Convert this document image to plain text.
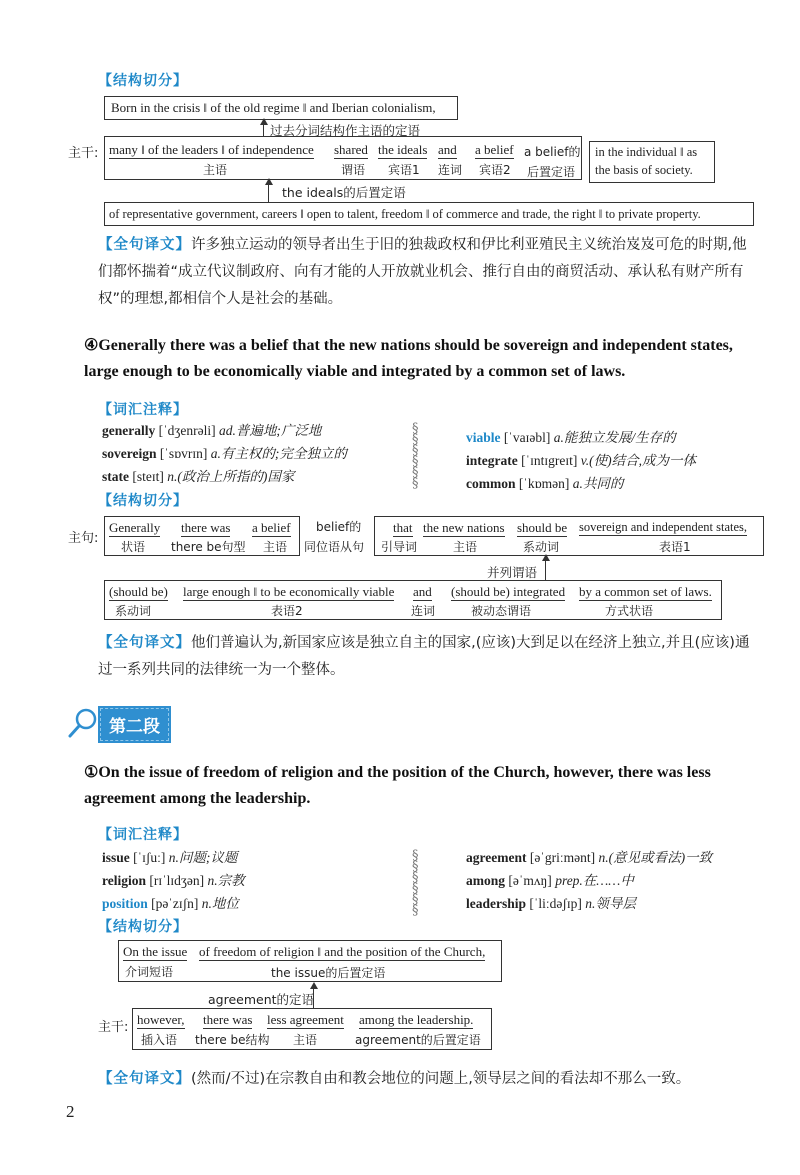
【结构切分】
Born in the crisis ‖ of the old regime ‖ and Iberian colonialism,
过去分词结构作主语的定语
主干: many ‖ of the leaders ‖ of independence
主语
shared
谓语
the ideals
宾语1
and
连词
a belief
宾语2
a belief的
后置定语
in the individual ‖ as
the basis of society.
the ideals的后置定语
of representative government, careers ‖ open to talent, freedom ‖ of commerce and trade, the right ‖ to private property.
【全句译文】许多独立运动的领导者出生于旧的独裁政权和伊比利亚殖民主义统治岌岌可危的时期,他们都怀揣着“成立代议制政府、向有才能的人开放就业机会、推行自由的商贸活动、承认私有财产所有权”的理想,都相信个人是社会的基础。
④Generally there was a belief that the new nations should be sovereign and independent states, large enough to be economically viable and integrated by a common set of laws.
【词汇注释】
generally [ˈdʒenrəli] ad.普遍地;广泛地
sovereign [ˈsɒvrɪn] a.有主权的;完全独立的
state [steɪt] n.(政治上所指的)国家
§
§
§
§
§
§
viable [ˈvaɪəbl] a.能独立发展/生存的
integrate [ˈɪntɪgreɪt] v.(使)结合,成为一体
common [ˈkɒmən] a.共同的
【结构切分】
主句:
Generally
状语
there was
there be句型
a belief
主语
belief的
同位语从句
that
引导词
the new nations
主语
should be
系动词
sovereign and independent states,
表语1
并列谓语
(should be)
系动词
large enough ‖ to be economically viable
表语2
and
连词
(should be) integrated
被动态谓语
by a common set of laws.
方式状语
【全句译文】他们普遍认为,新国家应该是独立自主的国家,(应该)大到足以在经济上独立,并且(应该)通过一系列共同的法律统一为一个整体。
第二段
①On the issue of freedom of religion and the position of the Church, however, there was less agreement among the leadership.
【词汇注释】
issue [ˈɪʃuː] n.问题;议题
religion [rɪˈlɪdʒən] n.宗教
position [pəˈzɪʃn] n.地位
§
§
§
§
§
§
agreement [əˈgriːmənt] n.(意见或看法)一致
among [əˈmʌŋ] prep.在……中
leadership [ˈliːdəʃɪp] n.领导层
【结构切分】
On the issue
介词短语
of freedom of religion ‖ and the position of the Church,
the issue的后置定语
agreement的定语
主干:
however,
插入语
there was
there be结构
less agreement
主语
among the leadership.
agreement的后置定语
【全句译文】(然而/不过)在宗教自由和教会地位的问题上,领导层之间的看法却不那么一致。
2
